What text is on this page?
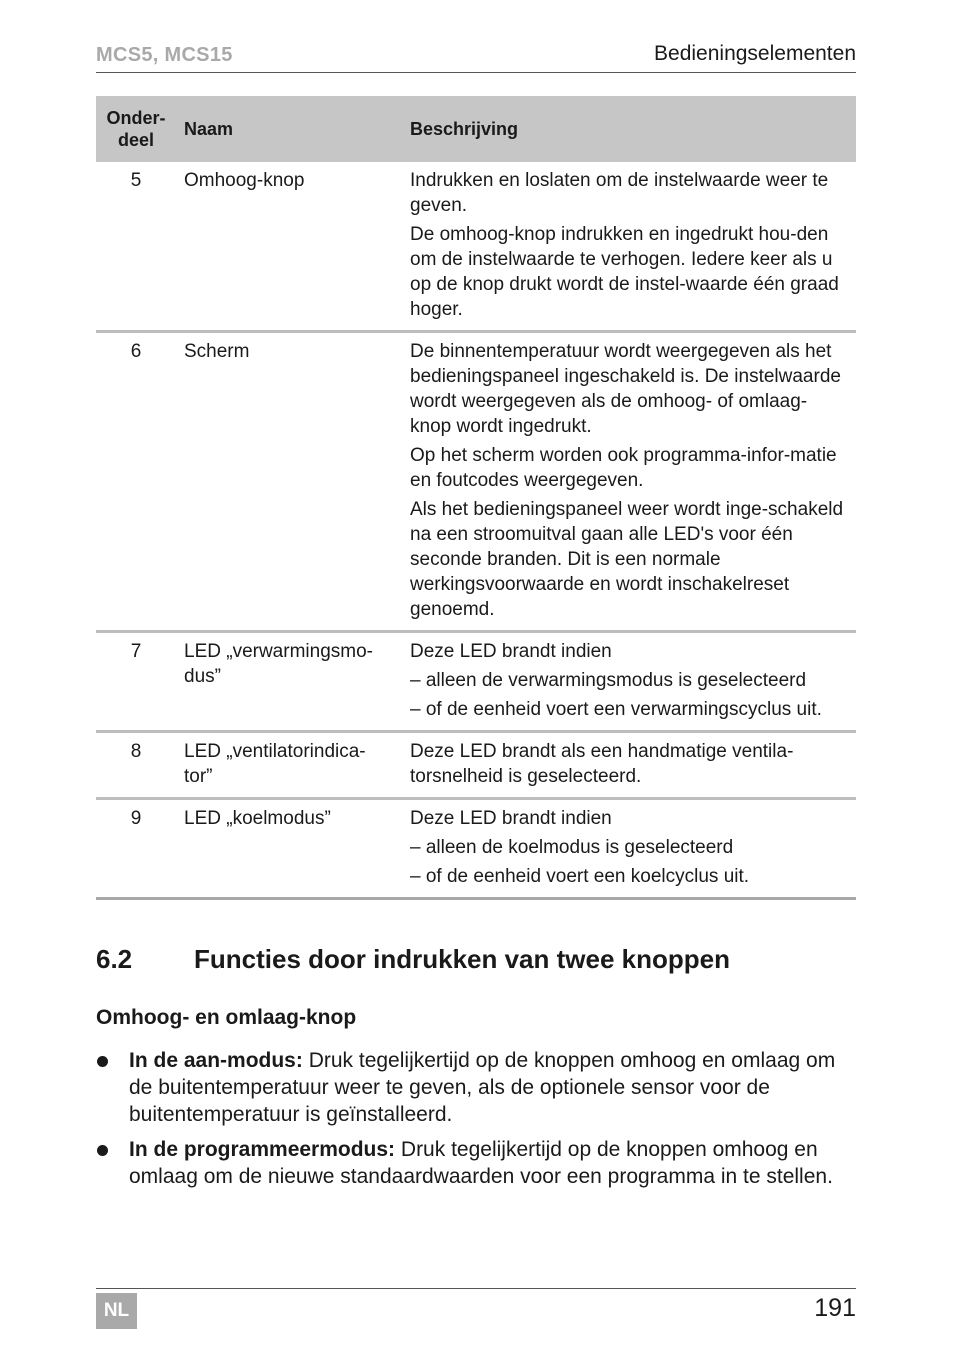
MCS5, MCS15	Bedieningselementen
Onder-
deel	Naam	Beschrijving
5	Omhoog-knop	Indrukken en loslaten om de instelwaarde weer te geven.

De omhoog-knop indrukken en ingedrukt hou-den om de instelwaarde te verhogen. Iedere keer als u op de knop drukt wordt de instel-waarde één graad hoger.

6	Scherm	De binnentemperatuur wordt weergegeven als het bedieningspaneel ingeschakeld is. De instelwaarde wordt weergegeven als de omhoog- of omlaag-knop wordt ingedrukt.

Op het scherm worden ook programma-infor-matie en foutcodes weergegeven.

Als het bedieningspaneel weer wordt inge-schakeld na een stroomuitval gaan alle LED's voor één seconde branden. Dit is een normale werkingsvoorwaarde en wordt inschakelreset genoemd.

7	LED „verwarmingsmo-dus”	Deze LED brandt indien

– alleen de verwarmingsmodus is geselecteerd

– of de eenheid voert een verwarmingscyclus uit.

8	LED „ventilatorindica-tor”	Deze LED brandt als een handmatige ventila-torsnelheid is geselecteerd.

9	LED „koelmodus”	Deze LED brandt indien

– alleen de koelmodus is geselecteerd

– of de eenheid voert een koelcyclus uit.

6.2 Functies door indrukken van twee knoppen
Omhoog- en omlaag-knop
In de aan-modus: Druk tegelijkertijd op de knoppen omhoog en omlaag om de buitentemperatuur weer te geven, als de optionele sensor voor de buitentemperatuur is geïnstalleerd.
In de programmeermodus: Druk tegelijkertijd op de knoppen omhoog en omlaag om de nieuwe standaardwaarden voor een programma in te stellen.
NL	191
